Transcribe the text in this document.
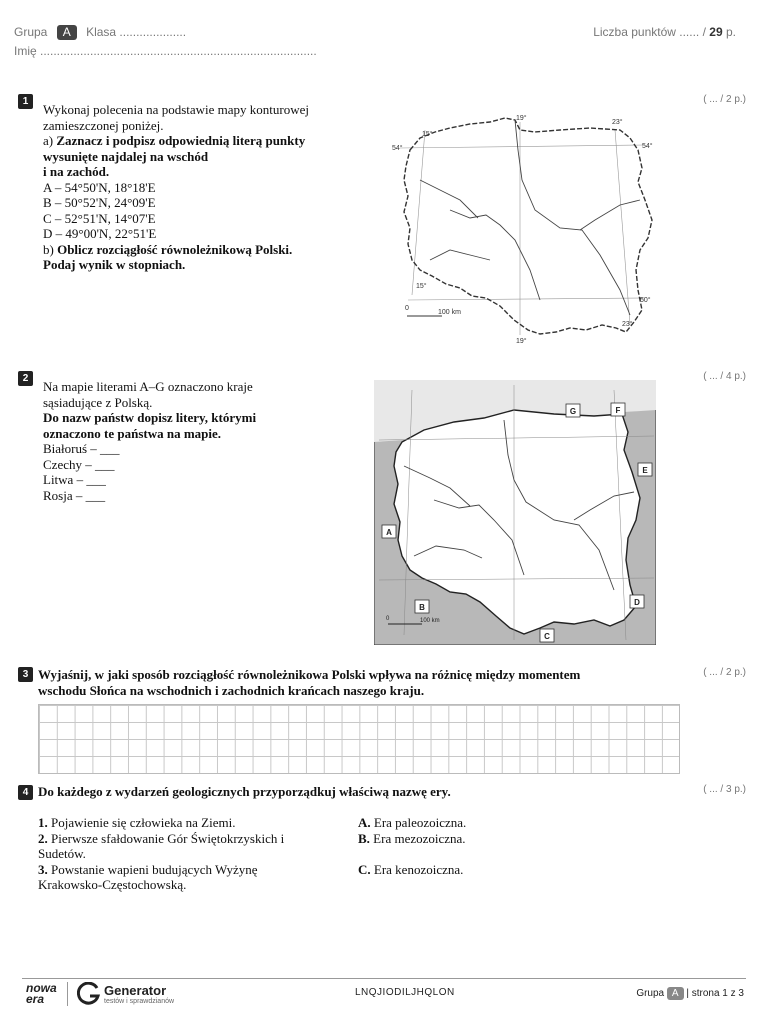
Grupa A Klasa ....................
Imię ...................................................................................
Liczba punktów ...... / 29 p.
1	( ... / 2 p.)
Wykonaj polecenia na podstawie mapy konturowej
zamieszczonej poniżej.
a) Zaznacz i podpisz odpowiednią literą punkty
wysunięte najdalej na wschód
i na zachód.
A – 54°50'N, 18°18'E
B – 50°52'N, 24°09'E
C – 52°51'N, 14°07'E
D – 49°00'N, 22°51'E
b) Oblicz rozciągłość równoleżnikową Polski.
Podaj wynik w stopniach.
15°
19°
23°
54°	54°
15°
50°
23°
19°
0
100 km
2	( ... / 4 p.)
Na mapie literami A–G oznaczono kraje
sąsiadujące z Polską.
Do nazw państw dopisz litery, którymi
oznaczono te państwa na mapie.
Białoruś – ___
Czechy – ___
Litwa – ___
Rosja – ___
A
B
C
D
E
F
G
0	100 km
3	( ... / 2 p.)
Wyjaśnij, w jaki sposób rozciągłość równoleżnikowa Polski wpływa na różnicę między momentem
wschodu Słońca na wschodnich i zachodnich krańcach naszego kraju.
4	( ... / 3 p.)
Do każdego z wydarzeń geologicznych przyporządkuj właściwą nazwę ery.
1. Pojawienie się człowieka na Ziemi.
2. Pierwsze sfałdowanie Gór Świętokrzyskich i
Sudetów.
3. Powstanie wapieni budujących Wyżynę
Krakowsko-Częstochowską.
A. Era paleozoiczna.
B. Era mezozoiczna.
C. Era kenozoiczna.
nowa
era
Generator
testów i sprawdzianów
LNQJIODILJHQLON	Grupa A | strona 1 z 3
